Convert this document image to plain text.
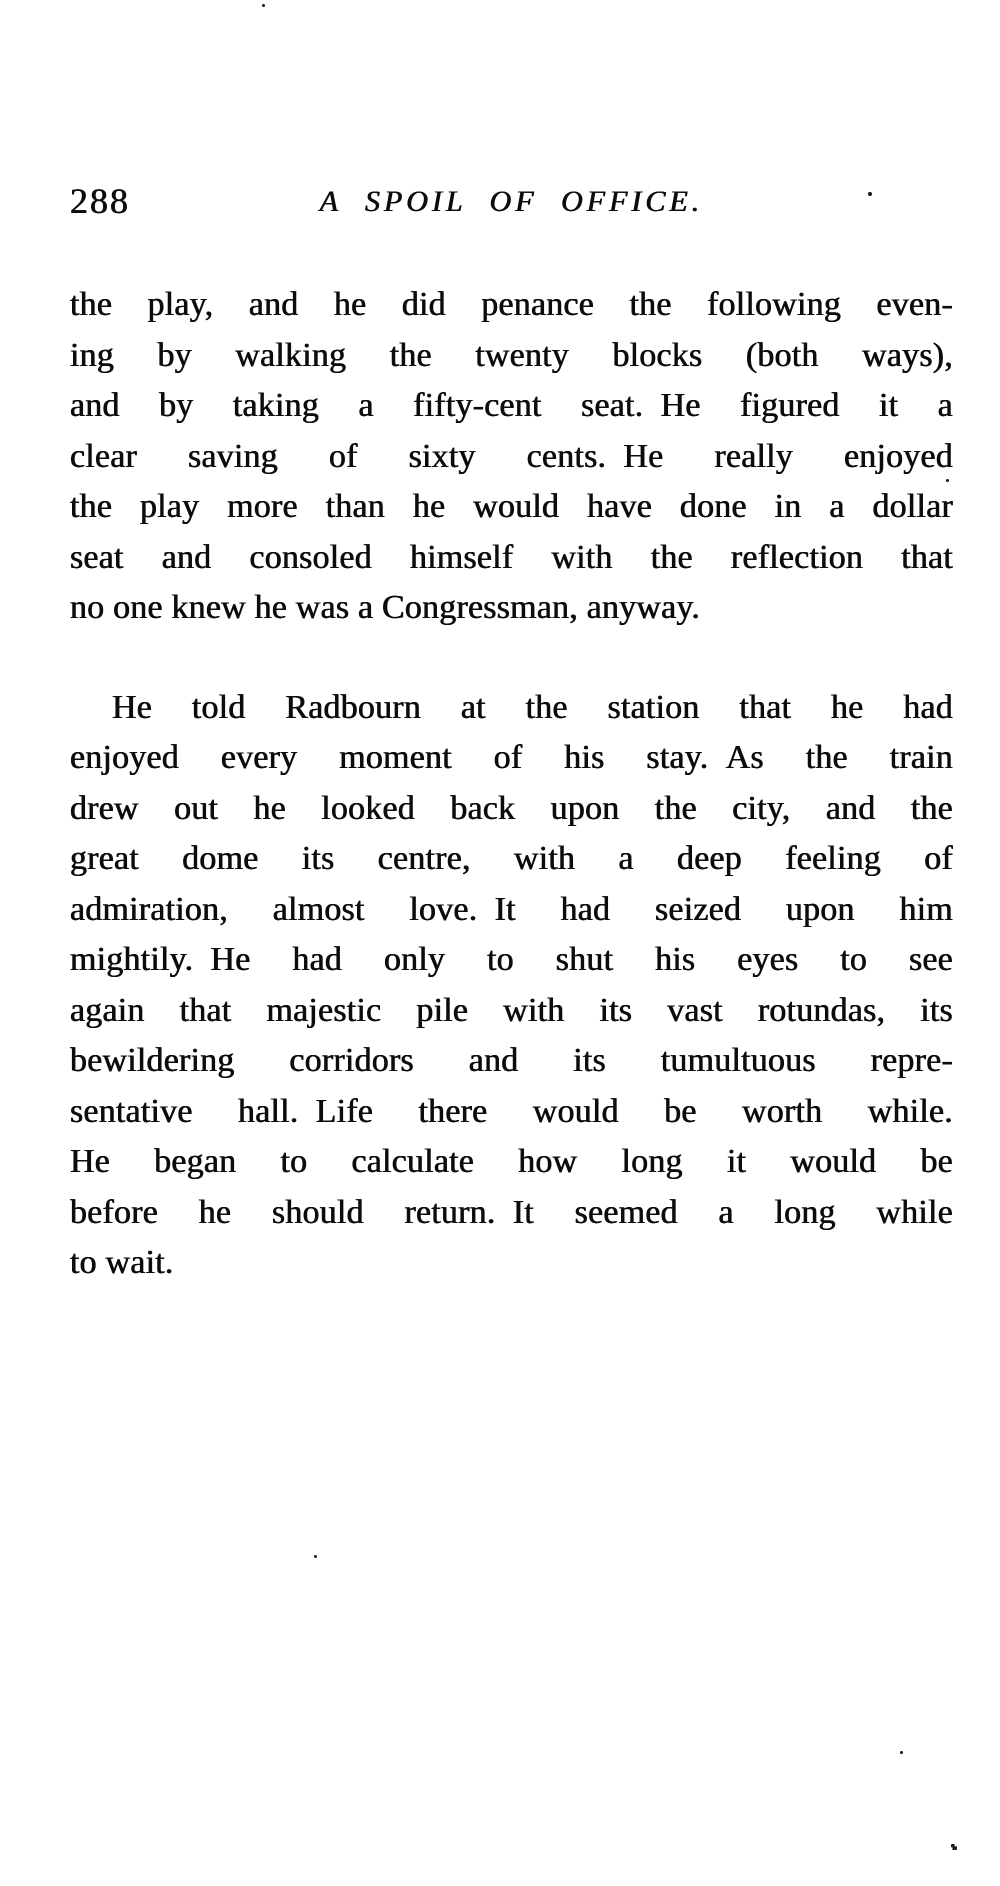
288	A SPOIL OF OFFICE.
the play, and he did penance the following even-
ing by walking the twenty blocks (both ways),
and by taking a fifty-cent seat. He figured it a
clear saving of sixty cents. He really enjoyed
the play more than he would have done in a dollar
seat and consoled himself with the reflection that
no one knew he was a Congressman, anyway.
He told Radbourn at the station that he had
enjoyed every moment of his stay. As the train
drew out he looked back upon the city, and the
great dome its centre, with a deep feeling of
admiration, almost love. It had seized upon him
mightily. He had only to shut his eyes to see
again that majestic pile with its vast rotundas, its
bewildering corridors and its tumultuous repre-
sentative hall. Life there would be worth while.
He began to calculate how long it would be
before he should return. It seemed a long while
to wait.
